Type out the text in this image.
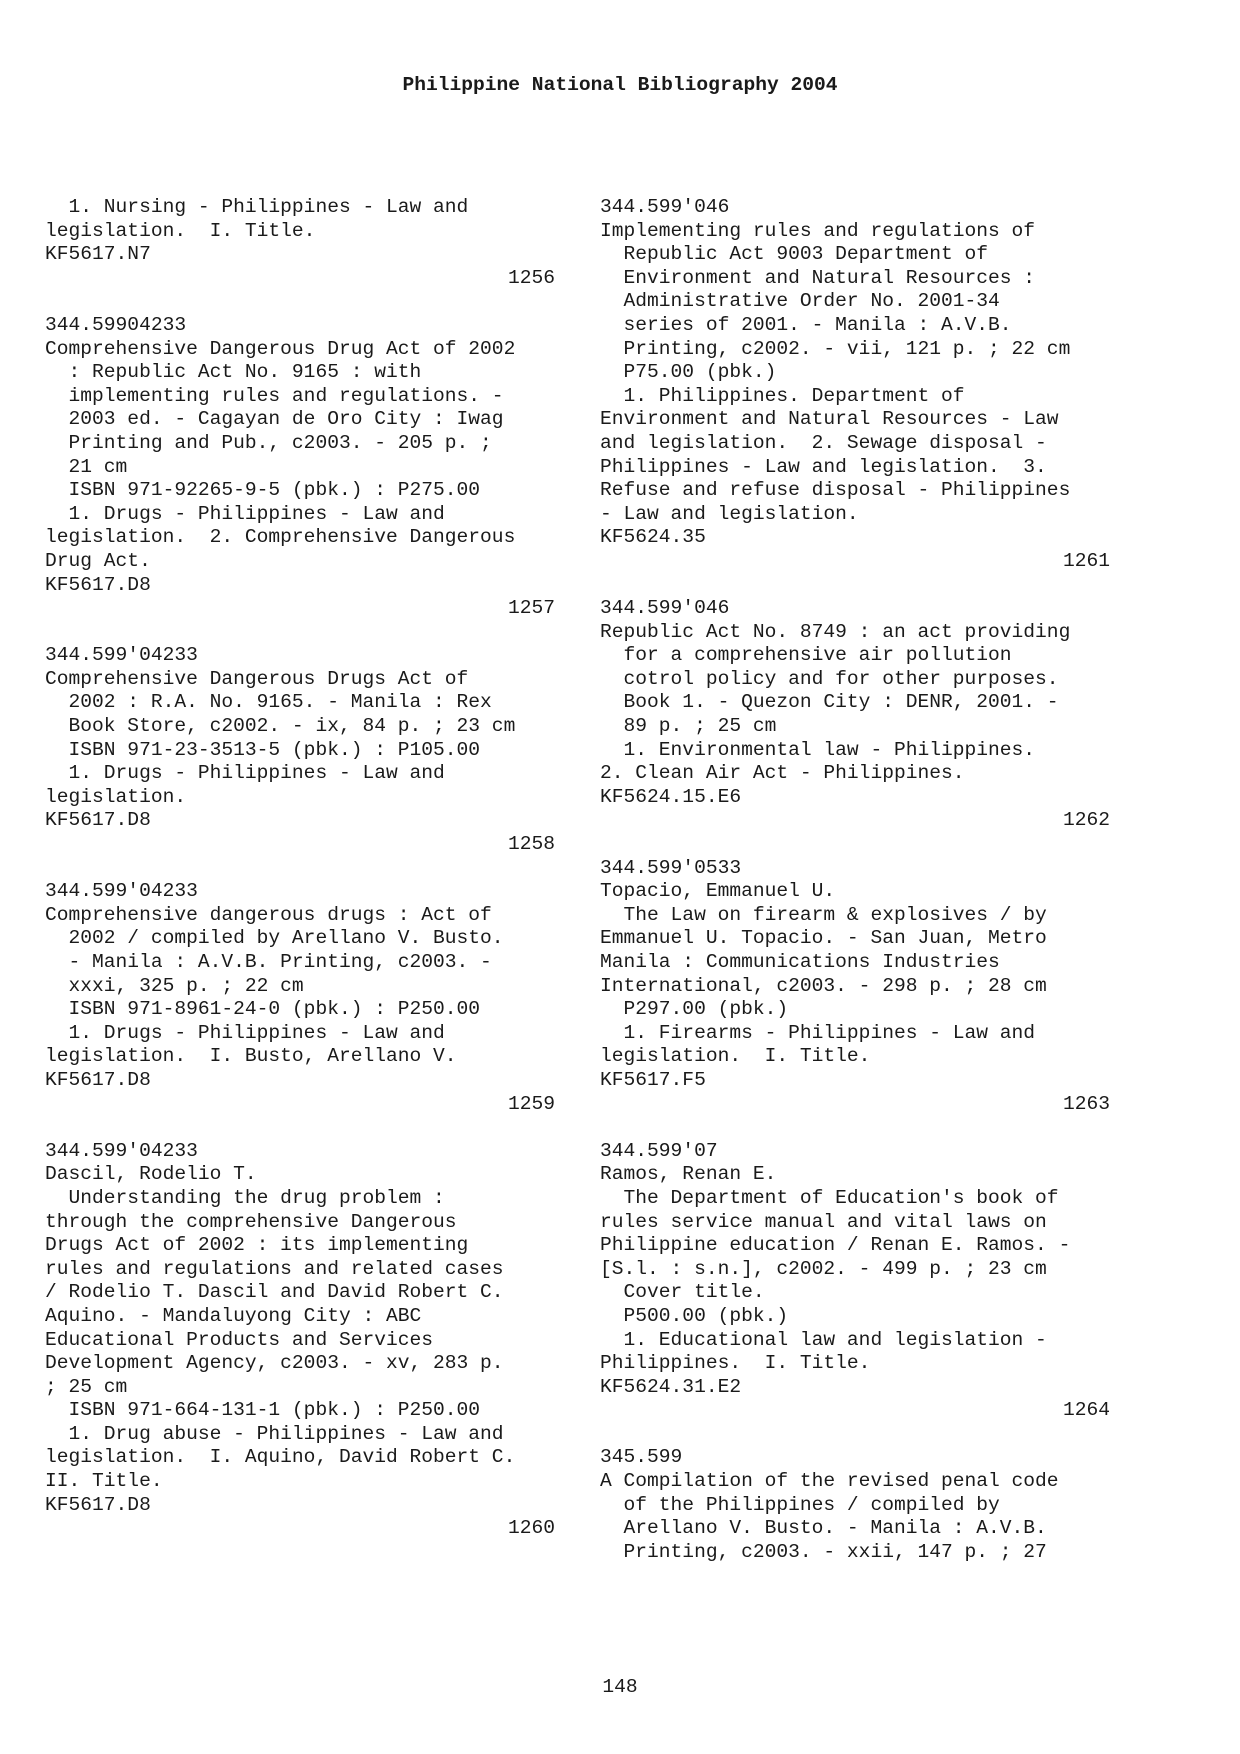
Philippine National Bibliography 2004
1. Nursing - Philippines - Law and
legislation.  I. Title.
KF5617.N7
1256
344.59904233
Comprehensive Dangerous Drug Act of 2002
: Republic Act No. 9165 : with
implementing rules and regulations. -
2003 ed. - Cagayan de Oro City : Iwag
Printing and Pub., c2003. - 205 p. ;
21 cm
ISBN 971-92265-9-5 (pbk.) : P275.00
1. Drugs - Philippines - Law and
legislation.  2. Comprehensive Dangerous
Drug Act.
KF5617.D8
1257
344.599'04233
Comprehensive Dangerous Drugs Act of
2002 : R.A. No. 9165. - Manila : Rex
Book Store, c2002. - ix, 84 p. ; 23 cm
ISBN 971-23-3513-5 (pbk.) : P105.00
1. Drugs - Philippines - Law and
legislation.
KF5617.D8
1258
344.599'04233
Comprehensive dangerous drugs : Act of
2002 / compiled by Arellano V. Busto.
- Manila : A.V.B. Printing, c2003. -
xxxi, 325 p. ; 22 cm
ISBN 971-8961-24-0 (pbk.) : P250.00
1. Drugs - Philippines - Law and
legislation.  I. Busto, Arellano V.
KF5617.D8
1259
344.599'04233
Dascil, Rodelio T.
Understanding the drug problem :
through the comprehensive Dangerous
Drugs Act of 2002 : its implementing
rules and regulations and related cases
/ Rodelio T. Dascil and David Robert C.
Aquino. - Mandaluyong City : ABC
Educational Products and Services
Development Agency, c2003. - xv, 283 p.
; 25 cm
ISBN 971-664-131-1 (pbk.) : P250.00
1. Drug abuse - Philippines - Law and
legislation.  I. Aquino, David Robert C.
II. Title.
KF5617.D8
1260
344.599'046
Implementing rules and regulations of
Republic Act 9003 Department of
Environment and Natural Resources :
Administrative Order No. 2001-34
series of 2001. - Manila : A.V.B.
Printing, c2002. - vii, 121 p. ; 22 cm
P75.00 (pbk.)
1. Philippines. Department of
Environment and Natural Resources - Law
and legislation.  2. Sewage disposal -
Philippines - Law and legislation.  3.
Refuse and refuse disposal - Philippines
- Law and legislation.
KF5624.35
1261
344.599'046
Republic Act No. 8749 : an act providing
for a comprehensive air pollution
cotrol policy and for other purposes.
Book 1. - Quezon City : DENR, 2001. -
89 p. ; 25 cm
1. Environmental law - Philippines.
2. Clean Air Act - Philippines.
KF5624.15.E6
1262
344.599'0533
Topacio, Emmanuel U.
The Law on firearm & explosives / by
Emmanuel U. Topacio. - San Juan, Metro
Manila : Communications Industries
International, c2003. - 298 p. ; 28 cm
P297.00 (pbk.)
1. Firearms - Philippines - Law and
legislation.  I. Title.
KF5617.F5
1263
344.599'07
Ramos, Renan E.
The Department of Education's book of
rules service manual and vital laws on
Philippine education / Renan E. Ramos. -
[S.l. : s.n.], c2002. - 499 p. ; 23 cm
Cover title.
P500.00 (pbk.)
1. Educational law and legislation -
Philippines.  I. Title.
KF5624.31.E2
1264
345.599
A Compilation of the revised penal code
of the Philippines / compiled by
Arellano V. Busto. - Manila : A.V.B.
Printing, c2003. - xxii, 147 p. ; 27
148
